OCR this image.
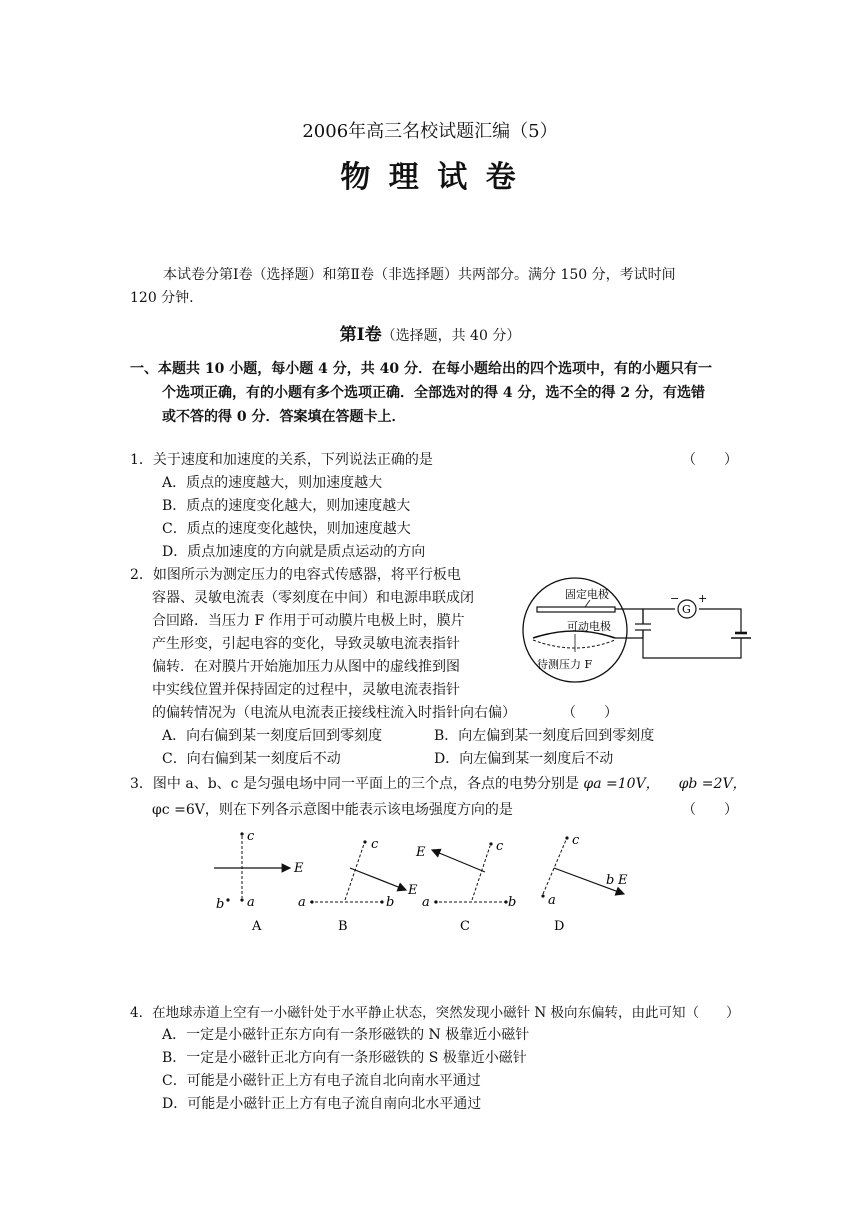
2006年高三名校试题汇编（5）
物 理 试 卷
本试卷分第Ⅰ卷（选择题）和第Ⅱ卷（非选择题）共两部分。满分 150 分，考试时间
120 分钟.
第Ⅰ卷（选择题，共 40 分）
一、本题共 10 小题，每小题 4 分，共 40 分．在每小题给出的四个选项中，有的小题只有一
个选项正确，有的小题有多个选项正确．全部选对的得 4 分，选不全的得 2 分，有选错
或不答的得 0 分．答案填在答题卡上．
1．关于速度和加速度的关系，下列说法正确的是	（　　）
A．质点的速度越大，则加速度越大
B．质点的速度变化越大，则加速度越大
C．质点的速度变化越快，则加速度越大
D．质点加速度的方向就是质点运动的方向
2．如图所示为测定压力的电容式传感器，将平行板电
容器、灵敏电流表（零刻度在中间）和电源串联成闭
合回路．当压力 F 作用于可动膜片电极上时，膜片
产生形变，引起电容的变化，导致灵敏电流表指针
偏转．在对膜片开始施加压力从图中的虚线推到图
中实线位置并保持固定的过程中，灵敏电流表指针
的偏转情况为（电流从电流表正接线柱流入时指针向右偏）	（　　）
A．向右偏到某一刻度后回到零刻度	B．向左偏到某一刻度后回到零刻度
C．向右偏到某一刻度后不动	D．向左偏到某一刻度后不动
固定电极
可动电极
待测压力 F
G
− +
3．图中 a、b、c 是匀强电场中同一平面上的三个点，各点的电势分别是 φa =10V， φb =2V，
φc =6V，则在下列各示意图中能表示该电场强度方向的是	（　　）
c
E
a
b
A
a	b
c
E
B
a	b
c
E
C
a
c
b E
D
4．在地球赤道上空有一小磁针处于水平静止状态，突然发现小磁针 N 极向东偏转，由此可知（　　）
A．一定是小磁针正东方向有一条形磁铁的 N 极靠近小磁针
B．一定是小磁针正北方向有一条形磁铁的 S 极靠近小磁针
C．可能是小磁针正上方有电子流自北向南水平通过
D．可能是小磁针正上方有电子流自南向北水平通过
